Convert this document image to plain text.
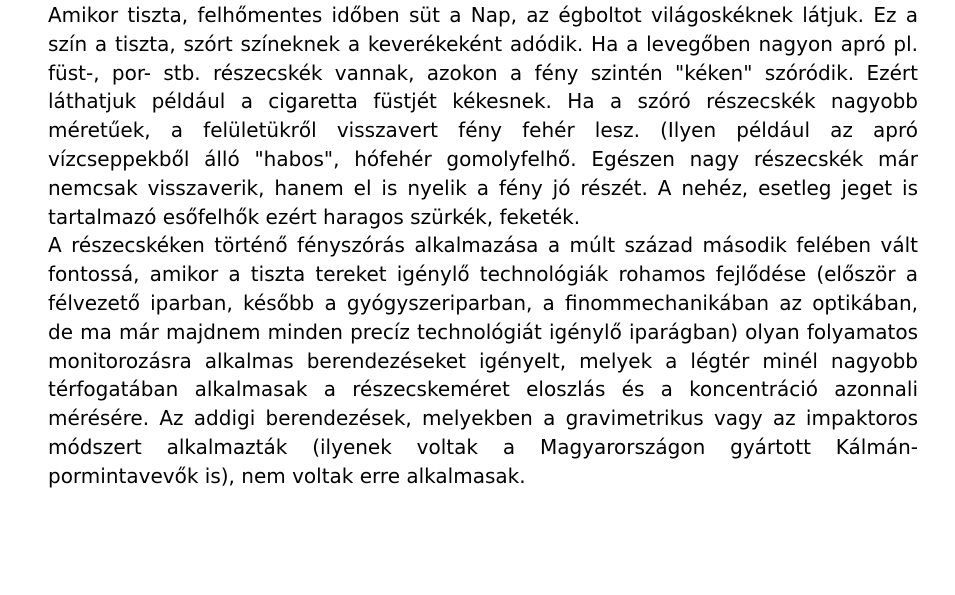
Amikor tiszta, felhőmentes időben süt a Nap, az égboltot világoskéknek látjuk. Ez a szín a tiszta, szórt színeknek a keverékeként adódik. Ha a levegőben nagyon apró pl. füst-, por- stb. részecskék vannak, azokon a fény szintén "kéken" szóródik. Ezért láthatjuk például a cigaretta füstjét kékesnek. Ha a szóró részecskék nagyobb méretűek, a felületükről visszavert fény fehér lesz. (Ilyen például az apró vízcseppekből álló "habos", hófehér gomolyfelhő. Egészen nagy részecskék már nemcsak visszaverik, hanem el is nyelik a fény jó részét. A nehéz, esetleg jeget is tartalmazó esőfelhők ezért haragos szürkék, feketék.

A részecskéken történő fényszórás alkalmazása a múlt század második felében vált fontossá, amikor a tiszta tereket igénylő technológiák rohamos fejlődése (először a félvezető iparban, később a gyógyszeriparban, a finommechanikában az optikában, de ma már majdnem minden precíz technológiát igénylő iparágban) olyan folyamatos monitorozásra alkalmas berendezéseket igényelt, melyek a légtér minél nagyobb térfogatában alkalmasak a részecskeméret eloszlás és a koncentráció azonnali mérésére. Az addigi berendezések, melyekben a gravimetrikus vagy az impaktoros módszert alkalmazták (ilyenek voltak a Magyarországon gyártott Kálmán-pormintavevők is), nem voltak erre alkalmasak.
